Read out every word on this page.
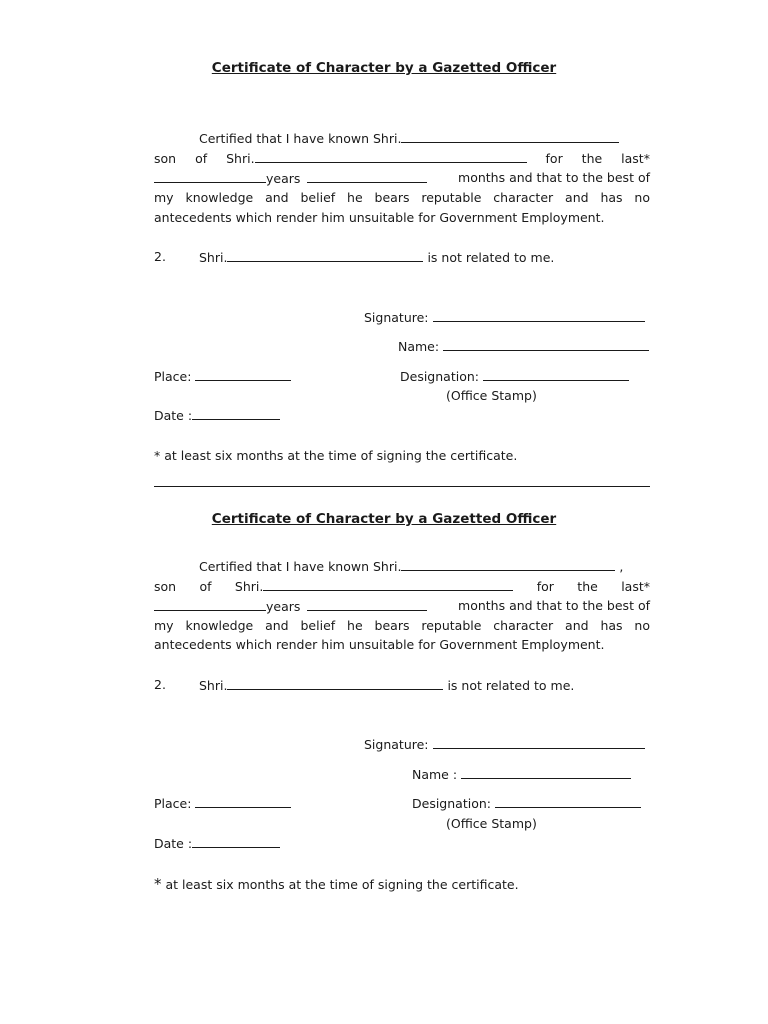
Certificate of Character by a Gazetted Officer
Certified that I have known Shri.
son of Shri.	for the last*
years	months and that to the best of
my knowledge and belief he bears reputable character and has no
antecedents which render him unsuitable for Government Employment.
2.	Shri.	is not related to me.
Signature:
Name:
Place:	Designation:
(Office Stamp)
Date :
* at least six months at the time of signing the certificate.
Certificate of Character by a Gazetted Officer
Certified that I have known Shri.	,
son of Shri.	for the last*
years	months and that to the best of
my knowledge and belief he bears reputable character and has no
antecedents which render him unsuitable for Government Employment.
2.	Shri.	is not related to me.
Signature:
Name :
Place:	Designation:
(Office Stamp)
Date :
* at least six months at the time of signing the certificate.
